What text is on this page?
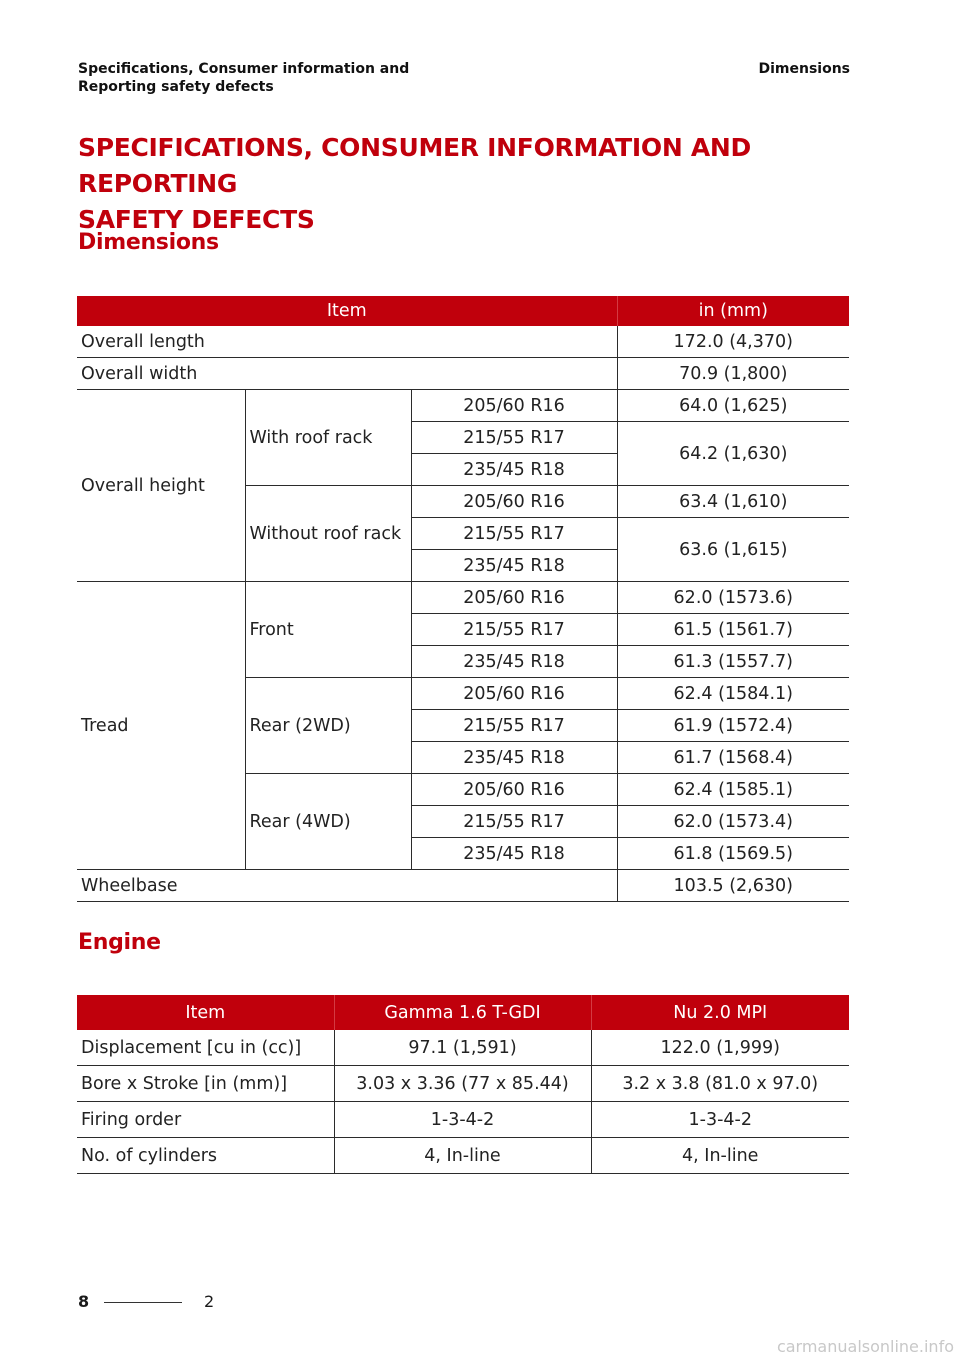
Specifications, Consumer information and
Reporting safety defects
Dimensions
SPECIFICATIONS, CONSUMER INFORMATION AND REPORTING
SAFETY DEFECTS
Dimensions
Item			in (mm)
Overall length			172.0 (4,370)
Overall width			70.9 (1,800)
Overall height	With roof rack	205/60 R16	64.0 (1,625)
		215/55 R17	64.2 (1,630)
		235/45 R18	
	Without roof rack	205/60 R16	63.4 (1,610)
		215/55 R17	63.6 (1,615)
		235/45 R18	
Tread	Front	205/60 R16	62.0 (1573.6)
		215/55 R17	61.5 (1561.7)
		235/45 R18	61.3 (1557.7)
	Rear (2WD)	205/60 R16	62.4 (1584.1)
		215/55 R17	61.9 (1572.4)
		235/45 R18	61.7 (1568.4)
	Rear (4WD)	205/60 R16	62.4 (1585.1)
		215/55 R17	62.0 (1573.4)
		235/45 R18	61.8 (1569.5)
Wheelbase			103.5 (2,630)
Engine
Item	Gamma 1.6 T-GDI	Nu 2.0 MPI
Displacement [cu in (cc)]	97.1 (1,591)	122.0 (1,999)
Bore x Stroke [in (mm)]	3.03 x 3.36 (77 x 85.44)	3.2 x 3.8 (81.0 x 97.0)
Firing order	1-3-4-2	1-3-4-2
No. of cylinders	4, In-line	4, In-line
8	2
carmanualsonline.info
